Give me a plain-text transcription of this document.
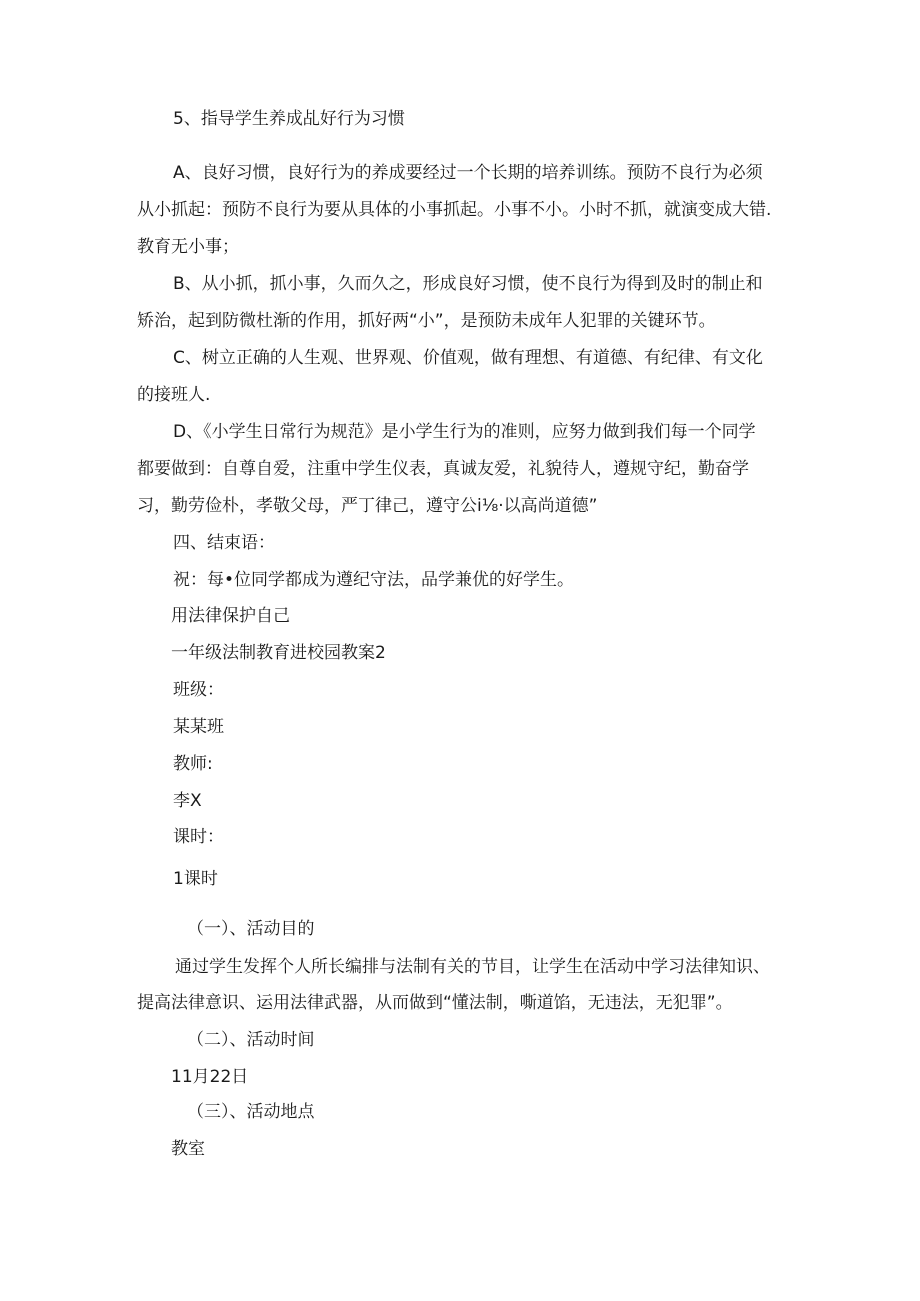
5、指导学生养成乩好行为习惯
A、良好习惯，良好行为的养成要经过一个长期的培养训练。预防不良行为必须
从小抓起：预防不良行为要从具体的小事抓起。小事不小。小时不抓，就演变成大错.
教育无小事；
B、从小抓，抓小事，久而久之，形成良好习惯，使不良行为得到及时的制止和
矫治，起到防微杜渐的作用，抓好两“小”，是预防未成年人犯罪的关键环节。
C、树立正确的人生观、世界观、价值观，做有理想、有道德、有纪律、有文化
的接班人.
D、《小学生日常行为规范》是小学生行为的准则，应努力做到我们每一个同学
都要做到：自尊自爱，注重中学生仪表，真诚友爱，礼貌待人，遵规守纪，勤奋学
习，勤劳俭朴，孝敬父母，严丁律己，遵守公i⅛·以高尚道德”
四、结束语：
祝：每•位同学都成为遵纪守法，品学兼优的好学生。
用法律保护自己
一年级法制教育进校园教案2
班级：
某某班
教师:
李X
课时：
1课时
（一）、活动目的
通过学生发挥个人所长编排与法制有关的节目，让学生在活动中学习法律知识、
提高法律意识、运用法律武器，从而做到“懂法制，嘶道馅，无违法，无犯罪”。
（二）、活动时间
11月22日
（三）、活动地点
教室
